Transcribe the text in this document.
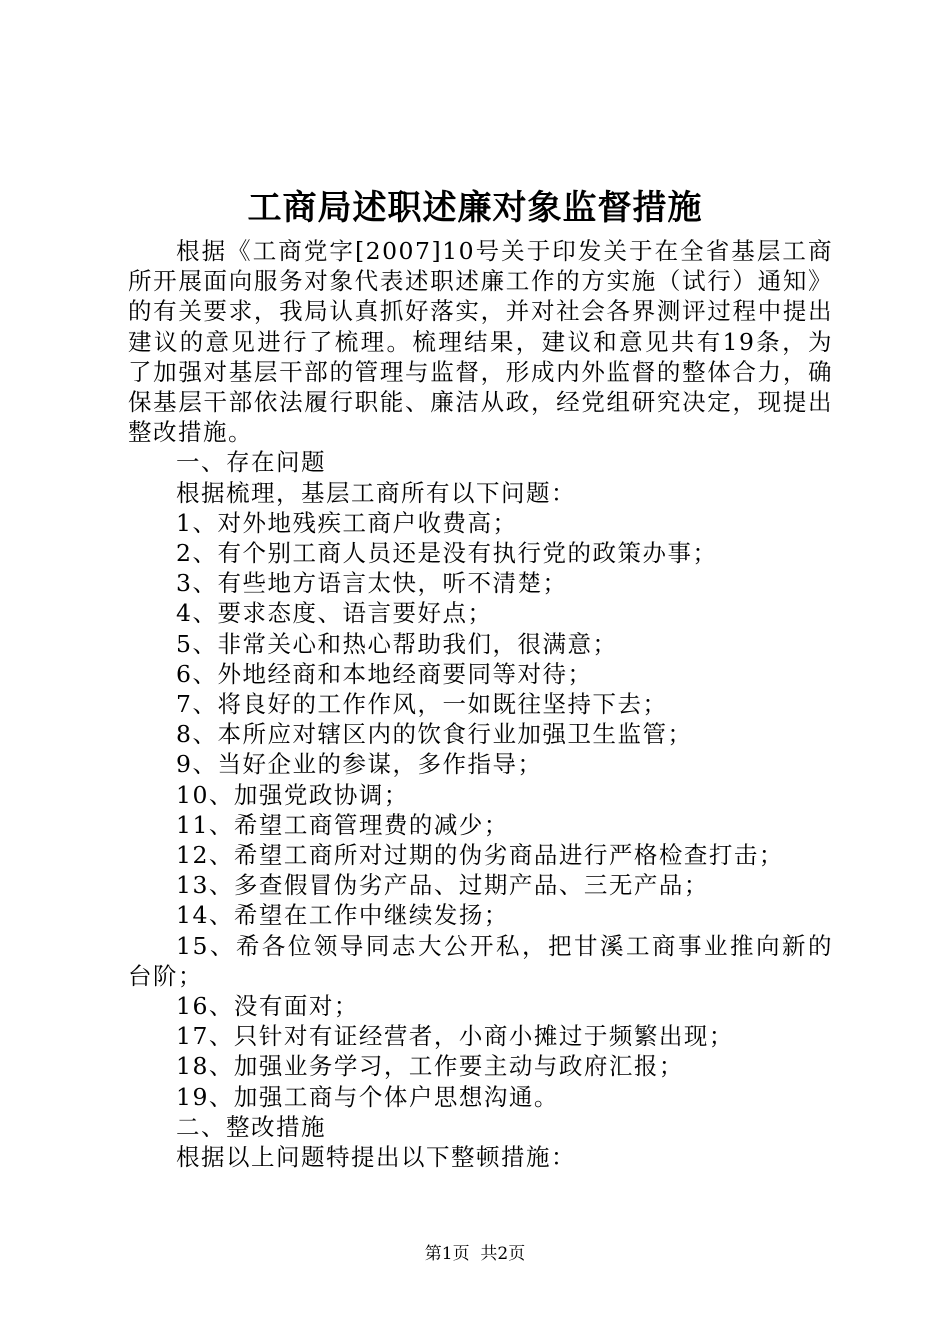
工商局述职述廉对象监督措施

根据《工商党字[2007]10号关于印发关于在全省基层工商所开展面向服务对象代表述职述廉工作的方实施（试行）通知》的有关要求，我局认真抓好落实，并对社会各界测评过程中提出建议的意见进行了梳理。梳理结果，建议和意见共有19条，为了加强对基层干部的管理与监督，形成内外监督的整体合力，确保基层干部依法履行职能、廉洁从政，经党组研究决定，现提出整改措施。

一、存在问题

根据梳理，基层工商所有以下问题：

1、对外地残疾工商户收费高；

2、有个别工商人员还是没有执行党的政策办事；

3、有些地方语言太快，听不清楚；

4、要求态度、语言要好点；

5、非常关心和热心帮助我们，很满意；

6、外地经商和本地经商要同等对待；

7、将良好的工作作风，一如既往坚持下去；

8、本所应对辖区内的饮食行业加强卫生监管；

9、当好企业的参谋，多作指导；

10、加强党政协调；

11、希望工商管理费的减少；

12、希望工商所对过期的伪劣商品进行严格检查打击；

13、多查假冒伪劣产品、过期产品、三无产品；

14、希望在工作中继续发扬；

15、希各位领导同志大公开私，把甘溪工商事业推向新的台阶；

16、没有面对；

17、只针对有证经营者，小商小摊过于频繁出现；

18、加强业务学习，工作要主动与政府汇报；

19、加强工商与个体户思想沟通。

二、整改措施

根据以上问题特提出以下整顿措施：

第1页  共2页
